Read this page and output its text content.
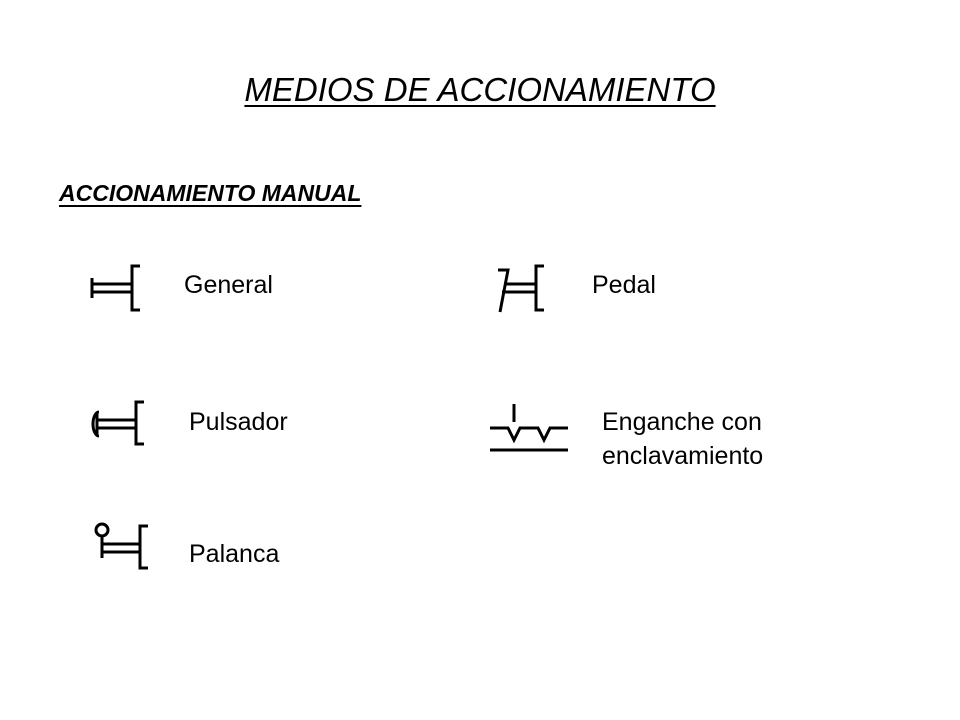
MEDIOS DE ACCIONAMIENTO
ACCIONAMIENTO MANUAL
General	Pedal
Pulsador	Enganche con enclavamiento
Palanca
